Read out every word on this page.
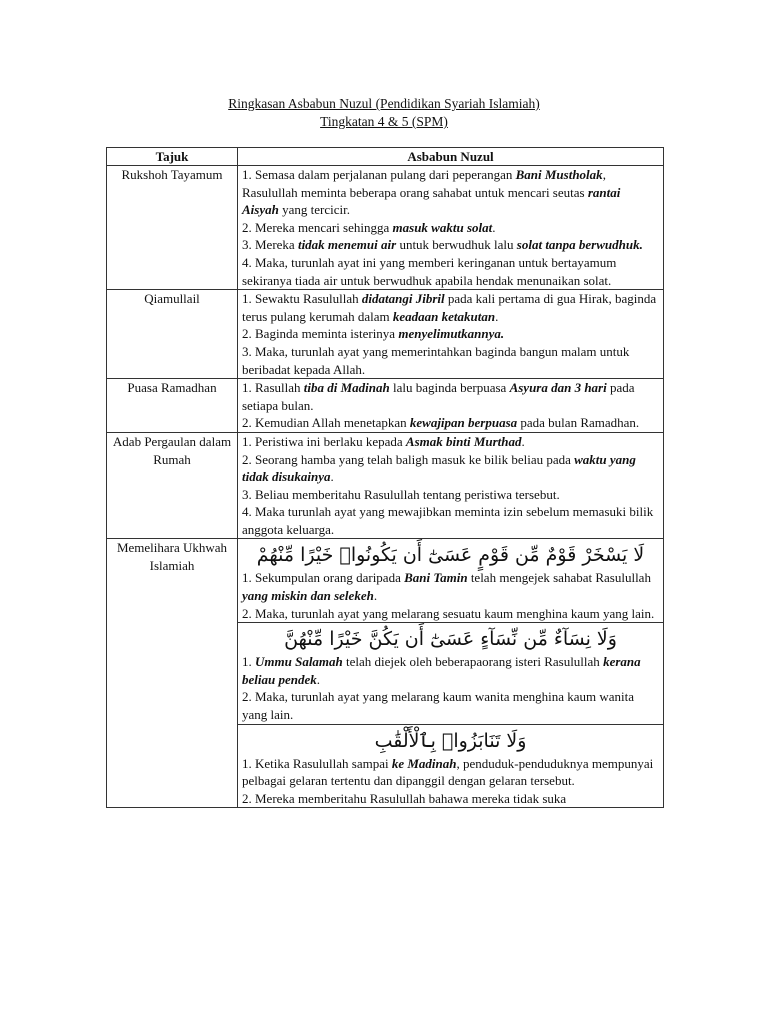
Ringkasan Asbabun Nuzul (Pendidikan Syariah Islamiah)
Tingkatan 4 & 5 (SPM)
Tajuk	Asbabun Nuzul
Rukshoh Tayamum	1. Semasa dalam perjalanan pulang dari peperangan Bani Mustholak, Rasulullah meminta beberapa orang sahabat untuk mencari seutas rantai Aisyah yang tercicir.
2. Mereka mencari sehingga masuk waktu solat.
3. Mereka tidak menemui air untuk berwudhuk lalu solat tanpa berwudhuk.
4. Maka, turunlah ayat ini yang memberi keringanan untuk bertayamum sekiranya tiada air untuk berwudhuk apabila hendak menunaikan solat.

Qiamullail	1. Sewaktu Rasulullah didatangi Jibril pada kali pertama di gua Hirak, baginda terus pulang kerumah dalam keadaan ketakutan.
2. Baginda meminta isterinya menyelimutkannya.
3. Maka, turunlah ayat yang memerintahkan baginda bangun malam untuk beribadat kepada Allah.

Puasa Ramadhan	1. Rasullah tiba di Madinah lalu baginda berpuasa Asyura dan 3 hari pada setiapa bulan.
2. Kemudian Allah menetapkan kewajipan berpuasa pada bulan Ramadhan.

Adab Pergaulan dalam Rumah	1. Peristiwa ini berlaku kepada Asmak binti Murthad.
2. Seorang hamba yang telah baligh masuk ke bilik beliau pada waktu yang tidak disukainya.
3. Beliau memberitahu Rasulullah tentang peristiwa tersebut.
4. Maka turunlah ayat yang mewajibkan meminta izin sebelum memasuki bilik anggota keluarga.

Memelihara Ukhwah Islamiah	لَا يَسْخَرْ قَوْمٌ مِّن قَوْمٍ عَسَىٰٓ أَن يَكُونُوا۟ خَيْرًا مِّنْهُمْ
1. Sekumpulan orang daripada Bani Tamin telah mengejek sahabat Rasulullah yang miskin dan selekeh.
2. Maka, turunlah ayat yang melarang sesuatu kaum menghina kaum yang lain.

	وَلَا نِسَآءٌ مِّن نِّسَآءٍ عَسَىٰٓ أَن يَكُنَّ خَيْرًا مِّنْهُنَّ
1. Ummu Salamah telah diejek oleh beberapaorang isteri Rasulullah kerana beliau pendek.
2. Maka, turunlah ayat yang melarang kaum wanita menghina kaum wanita yang lain.

	وَلَا تَنَابَزُوا۟ بِٱلْأَلْقَٰبِ
1. Ketika Rasulullah sampai ke Madinah, penduduk-penduduknya mempunyai pelbagai gelaran tertentu dan dipanggil dengan gelaran tersebut.
2. Mereka memberitahu Rasulullah bahawa mereka tidak suka
